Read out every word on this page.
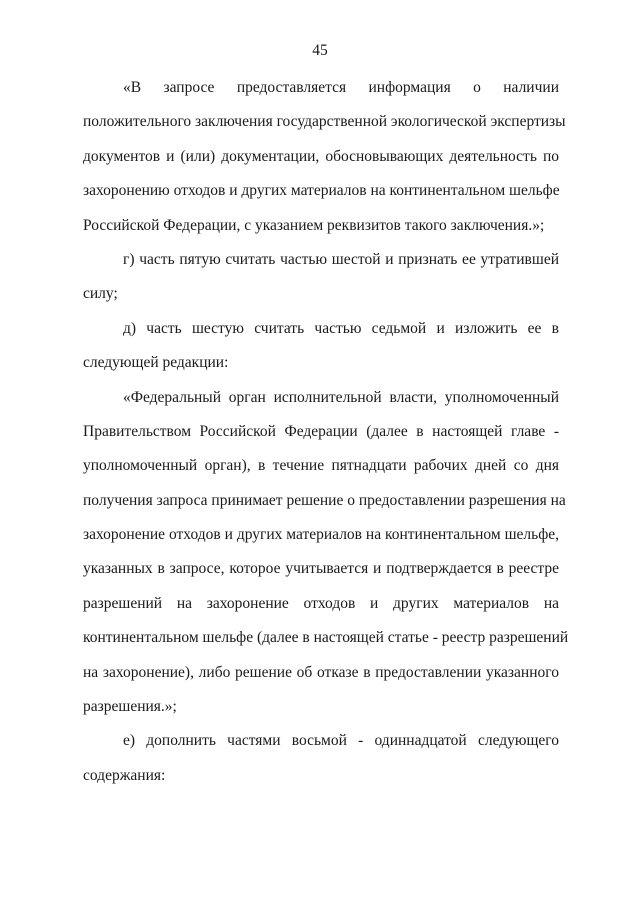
45
«В запросе предоставляется информация о наличии
положительного заключения государственной экологической экспертизы
документов и (или) документации, обосновывающих деятельность по
захоронению отходов и других материалов на континентальном шельфе
Российской Федерации, с указанием реквизитов такого заключения.»;
г) часть пятую считать частью шестой и признать ее утратившей
силу;
д) часть шестую считать частью седьмой и изложить ее в
следующей редакции:
«Федеральный орган исполнительной власти, уполномоченный
Правительством Российской Федерации (далее в настоящей главе -
уполномоченный орган), в течение пятнадцати рабочих дней со дня
получения запроса принимает решение о предоставлении разрешения на
захоронение отходов и других материалов на континентальном шельфе,
указанных в запросе, которое учитывается и подтверждается в реестре
разрешений на захоронение отходов и других материалов на
континентальном шельфе (далее в настоящей статье - реестр разрешений
на захоронение), либо решение об отказе в предоставлении указанного
разрешения.»;
е) дополнить частями восьмой - одиннадцатой следующего
содержания:
